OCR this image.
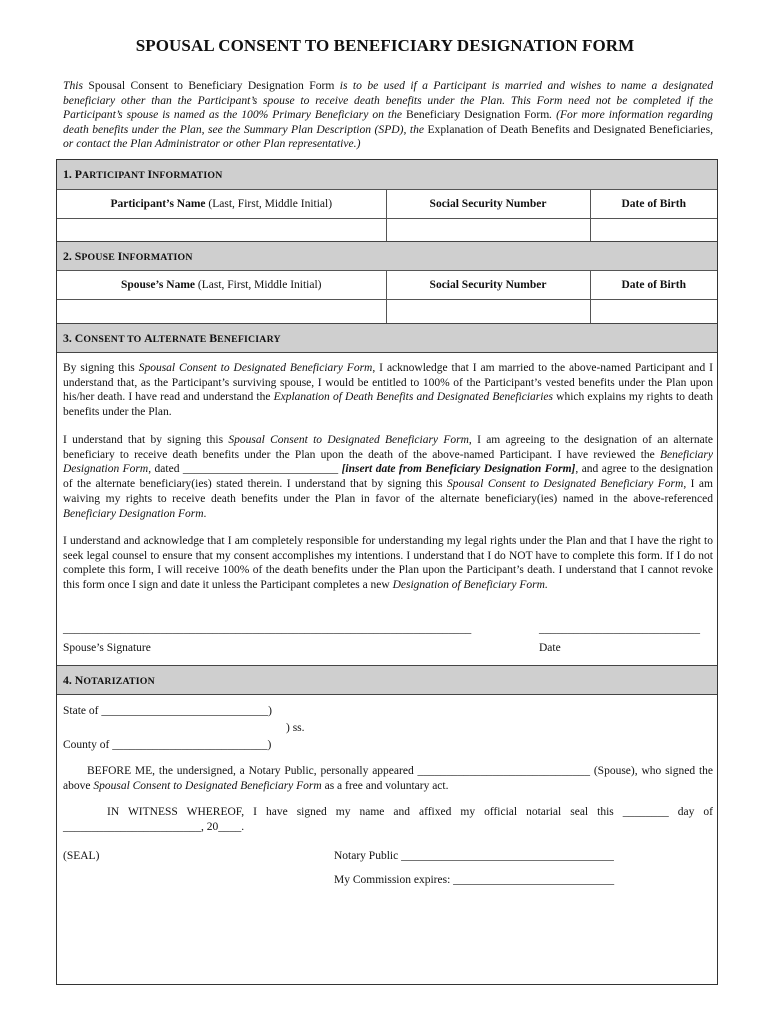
SPOUSAL CONSENT TO BENEFICIARY DESIGNATION FORM
This Spousal Consent to Beneficiary Designation Form is to be used if a Participant is married and wishes to name a designated beneficiary other than the Participant’s spouse to receive death benefits under the Plan. This Form need not be completed if the Participant’s spouse is named as the 100% Primary Beneficiary on the Beneficiary Designation Form. (For more information regarding death benefits under the Plan, see the Summary Plan Description (SPD), the Explanation of Death Benefits and Designated Beneficiaries, or contact the Plan Administrator or other Plan representative.)
1. PARTICIPANT INFORMATION
Participant’s Name (Last, First, Middle Initial)	Social Security Number	Date of Birth

2. SPOUSE INFORMATION
Spouse’s Name (Last, First, Middle Initial)	Social Security Number	Date of Birth

3. CONSENT TO ALTERNATE BENEFICIARY
By signing this Spousal Consent to Designated Beneficiary Form, I acknowledge that I am married to the above-named Participant and I understand that, as the Participant’s surviving spouse, I would be entitled to 100% of the Participant’s vested benefits under the Plan upon his/her death. I have read and understand the Explanation of Death Benefits and Designated Beneficiaries which explains my rights to death benefits under the Plan.
I understand that by signing this Spousal Consent to Designated Beneficiary Form, I am agreeing to the designation of an alternate beneficiary to receive death benefits under the Plan upon the death of the above-named Participant. I have reviewed the Beneficiary Designation Form, dated ___________________________ [insert date from Beneficiary Designation Form], and agree to the designation of the alternate beneficiary(ies) stated therein. I understand that by signing this Spousal Consent to Designated Beneficiary Form, I am waiving my rights to receive death benefits under the Plan in favor of the alternate beneficiary(ies) named in the above-referenced Beneficiary Designation Form.
I understand and acknowledge that I am completely responsible for understanding my legal rights under the Plan and that I have the right to seek legal counsel to ensure that my consent accomplishes my intentions. I understand that I do NOT have to complete this form. If I do not complete this form, I will receive 100% of the death benefits under the Plan upon the Participant’s death. I understand that I cannot revoke this form once I sign and date it unless the Participant completes a new Designation of Beneficiary Form.
_______________________________________________________________________	____________________________
Spouse’s Signature	Date
4. NOTARIZATION
State of _____________________________)
) ss.
County of ___________________________)
BEFORE ME, the undersigned, a Notary Public, personally appeared ______________________________ (Spouse), who signed the above Spousal Consent to Designated Beneficiary Form as a free and voluntary act.
IN WITNESS WHEREOF, I have signed my name and affixed my official notarial seal this ________ day of ________________________, 20____.
(SEAL)	Notary Public _____________________________________
My Commission expires: ____________________________
